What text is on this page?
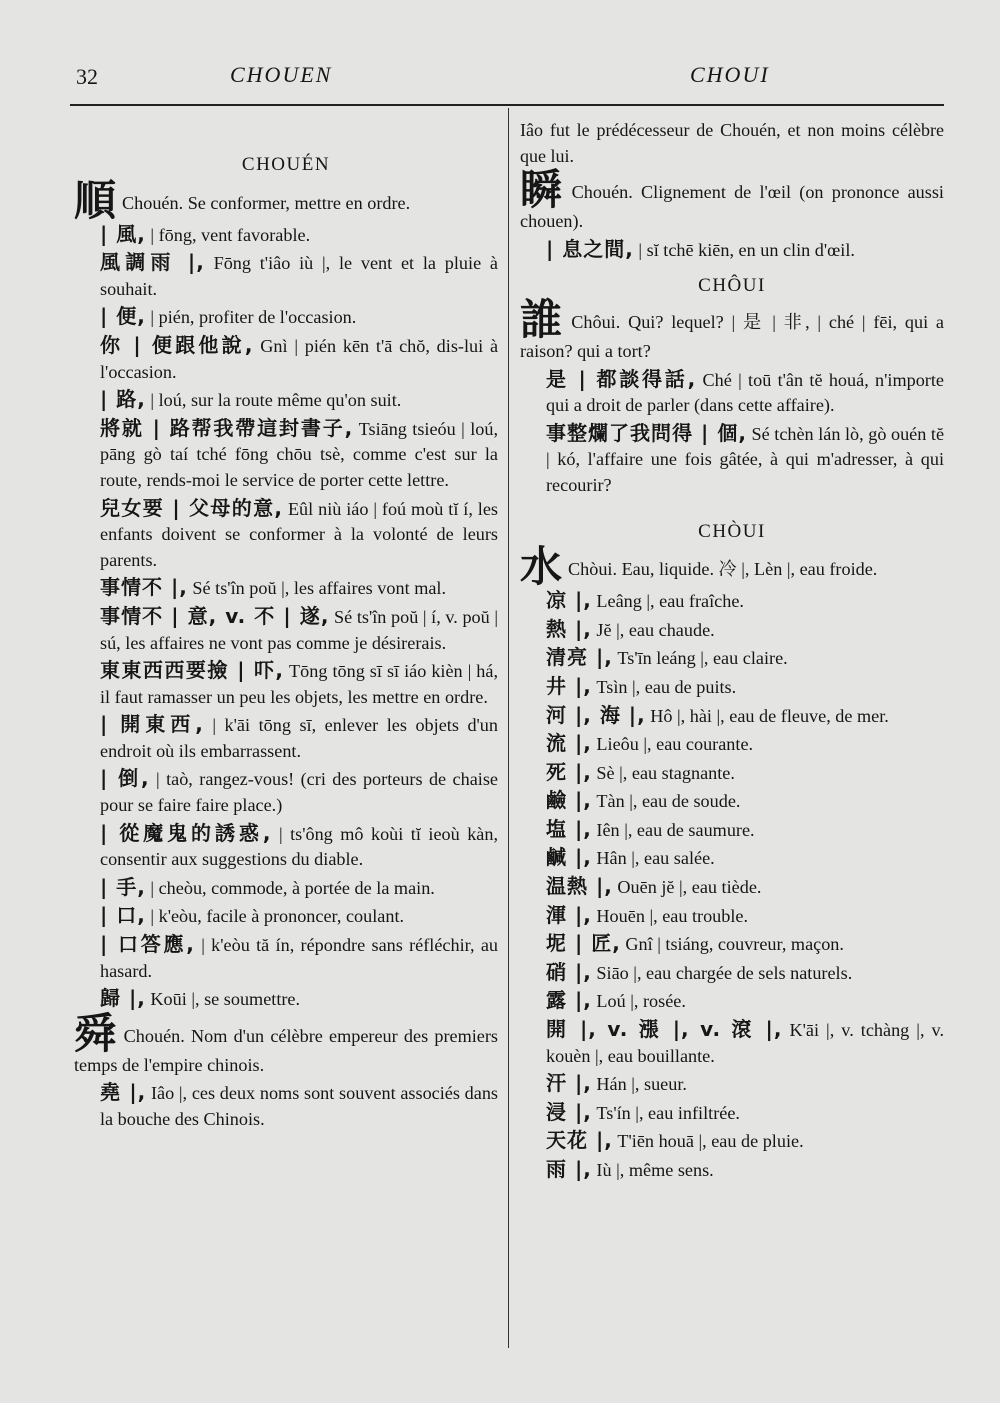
32	CHOUEN	CHOUI
CHOUÉN

順 Chouén. Se conformer, mettre en ordre.

| 風, | fōng, vent favorable.

風調雨 |, Fōng t'iâo iù |, le vent et la pluie à souhait.

| 便, | pién, profiter de l'occasion.

你 | 便跟他說, Gnì | pién kēn t'ā chŏ, dis-lui à l'occasion.

| 路, | loú, sur la route même qu'on suit.

將就 | 路帮我帶這封書子, Tsiāng tsieóu | loú, pāng gò taí tché fōng chōu tsè, comme c'est sur la route, rends-moi le service de porter cette lettre.

兒女要 | 父母的意, Eûl niù iáo | foú moù tĭ í, les enfants doivent se conformer à la volonté de leurs parents.

事情不 |, Sé ts'în poŭ |, les affaires vont mal.

事情不 | 意, v. 不 | 遂, Sé ts'în poŭ | í, v. poŭ | sú, les affaires ne vont pas comme je désirerais.

東東西西要撿 | 吓, Tōng tōng sī sī iáo kièn | há, il faut ramasser un peu les objets, les mettre en ordre.

| 開東西, | k'āi tōng sī, enlever les objets d'un endroit où ils embarrassent.

| 倒, | taò, rangez-vous! (cri des porteurs de chaise pour se faire faire place.)

| 從魔鬼的誘惑, | ts'ông mô koùi tĭ ieoù kàn, consentir aux suggestions du diable.

| 手, | cheòu, commode, à portée de la main.

| 口, | k'eòu, facile à prononcer, coulant.

| 口答應, | k'eòu tă ín, répondre sans réfléchir, au hasard.

歸 |, Koūi |, se soumettre.

舜 Chouén. Nom d'un célèbre empereur des premiers temps de l'empire chinois.

堯 |, Iâo |, ces deux noms sont souvent associés dans la bouche des Chinois.

Iâo fut le prédécesseur de Chouén, et non moins célèbre que lui.

瞬 Chouén. Clignement de l'œil (on prononce aussi chouen).

| 息之間, | sĭ tchē kiēn, en un clin d'œil.

CHÔUI

誰 Chôui. Qui? lequel? | 是 | 非, | ché | fēi, qui a raison? qui a tort?

是 | 都談得話, Ché | toū t'ân tĕ houá, n'importe qui a droit de parler (dans cette affaire).

事整爛了我問得 | 個, Sé tchèn lán lò, gò ouén tĕ | kó, l'affaire une fois gâtée, à qui m'adresser, à qui recourir?

CHÒUI

水 Chòui. Eau, liquide. 冷 |, Lèn |, eau froide.

凉 |, Leâng |, eau fraîche.

熱 |, Jĕ |, eau chaude.

清亮 |, Ts'īn leáng |, eau claire.

井 |, Tsìn |, eau de puits.

河 |, 海 |, Hô |, hài |, eau de fleuve, de mer.

流 |, Lieôu |, eau courante.

死 |, Sè |, eau stagnante.

鹼 |, Tàn |, eau de soude.

塩 |, Iên |, eau de saumure.

鹹 |, Hân |, eau salée.

温熱 |, Ouēn jĕ |, eau tiède.

渾 |, Houēn |, eau trouble.

坭 | 匠, Gnî | tsiáng, couvreur, maçon.

硝 |, Siāo |, eau chargée de sels naturels.

露 |, Loú |, rosée.

開 |, v. 漲 |, v. 滾 |, K'āi |, v. tchàng |, v. kouèn |, eau bouillante.

汗 |, Hán |, sueur.

浸 |, Ts'ín |, eau infiltrée.

天花 |, T'iēn houā |, eau de pluie.

雨 |, Iù |, même sens.
